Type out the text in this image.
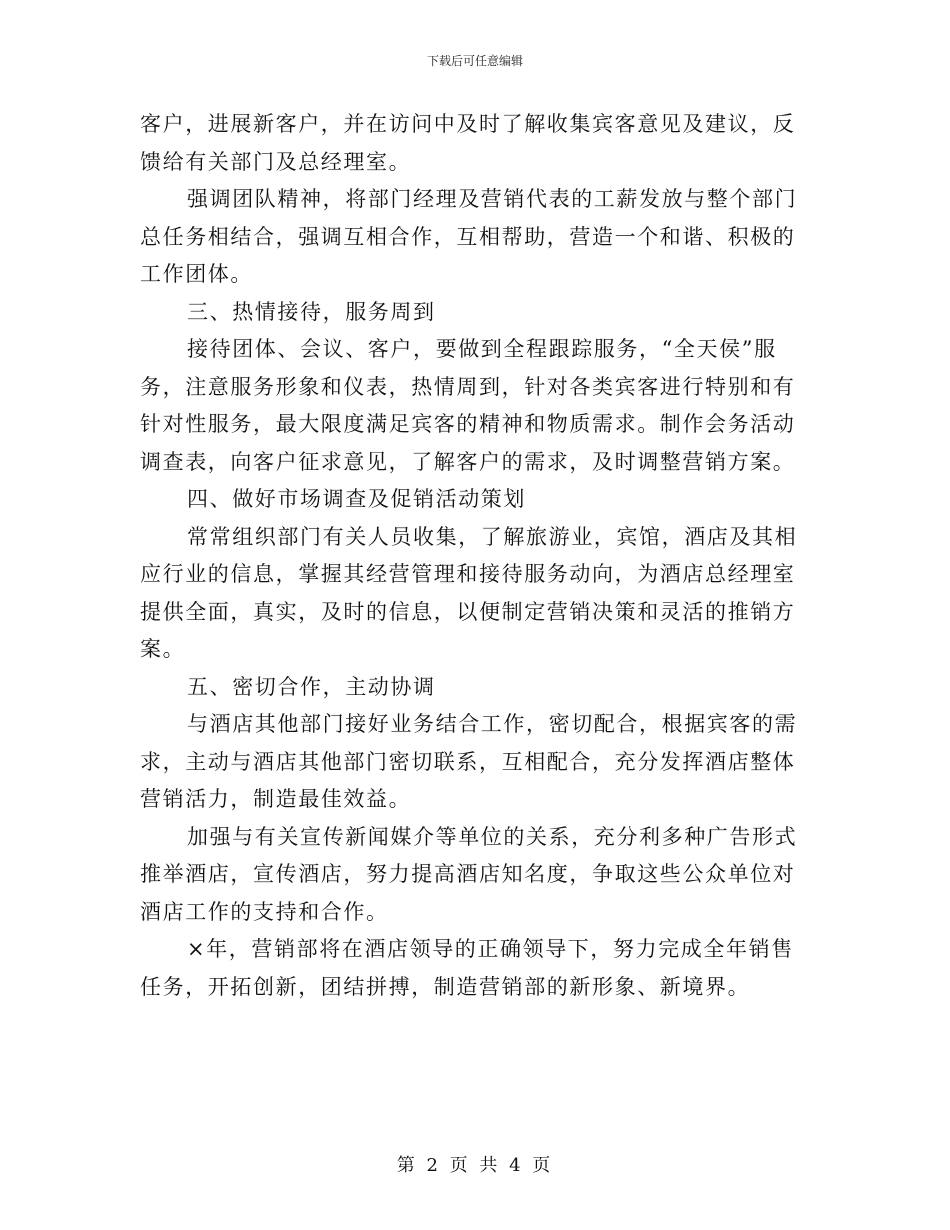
下载后可任意编辑

客户，进展新客户，并在访问中及时了解收集宾客意见及建议，反馈给有关部门及总经理室。

强调团队精神，将部门经理及营销代表的工薪发放与整个部门总任务相结合，强调互相合作，互相帮助，营造一个和谐、积极的工作团体。

三、热情接待，服务周到

接待团体、会议、客户，要做到全程跟踪服务，“全天侯”服务，注意服务形象和仪表，热情周到，针对各类宾客进行特别和有针对性服务，最大限度满足宾客的精神和物质需求。制作会务活动调查表，向客户征求意见，了解客户的需求，及时调整营销方案。

四、做好市场调查及促销活动策划

常常组织部门有关人员收集，了解旅游业，宾馆，酒店及其相应行业的信息，掌握其经营管理和接待服务动向，为酒店总经理室提供全面，真实，及时的信息，以便制定营销决策和灵活的推销方案。

五、密切合作，主动协调

与酒店其他部门接好业务结合工作，密切配合，根据宾客的需求，主动与酒店其他部门密切联系，互相配合，充分发挥酒店整体营销活力，制造最佳效益。

加强与有关宣传新闻媒介等单位的关系，充分利多种广告形式推举酒店，宣传酒店，努力提高酒店知名度，争取这些公众单位对酒店工作的支持和合作。

×年，营销部将在酒店领导的正确领导下，努力完成全年销售任务，开拓创新，团结拼搏，制造营销部的新形象、新境界。

第 2 页 共 4 页
